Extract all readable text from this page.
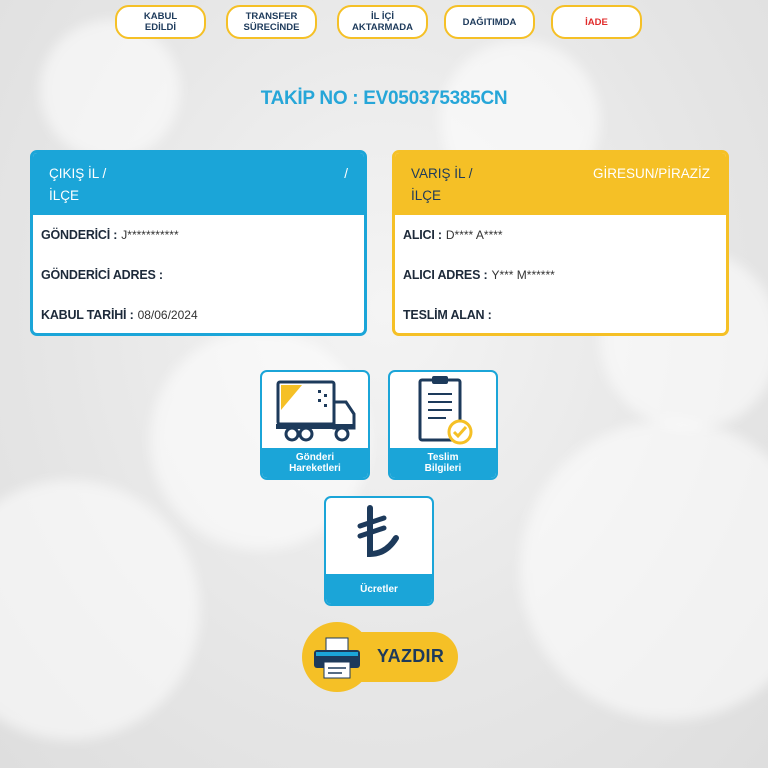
KABUL
EDİLDİ
TRANSFER
SÜRECİNDE
İL İÇİ
AKTARMADA	DAĞITIMDA	İADE
TAKİP NO : EV050375385CN
ÇIKIŞ İL /
İLÇE
/
GÖNDERİCİ : J***********
GÖNDERİCİ ADRES :
KABUL TARİHİ : 08/06/2024
VARIŞ İL /
İLÇE
GİRESUN/PİRAZİZ
ALICI : D**** A****
ALICI ADRES : Y*** M******
TESLİM ALAN :
Gönderi
Hareketleri
Teslim
Bilgileri
Ücretler
YAZDIR
